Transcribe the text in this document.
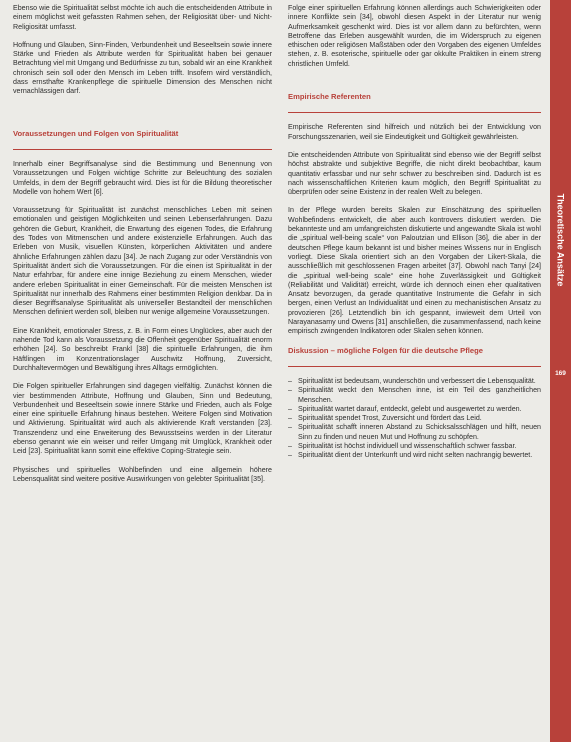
Ebenso wie die Spiritualität selbst möchte ich auch die entscheidenden Attribute in einem möglichst weit gefassten Rahmen sehen, der Religiosität über- und Nicht-Religiosität umfasst.

Hoffnung und Glauben, Sinn-Finden, Verbundenheit und Beseeltsein sowie innere Stärke und Frieden als Attribute werden für Spiritualität haben bei genauer Betrachtung viel mit Umgang und Bedürfnisse zu tun, sobald wir an eine Krankheit chronisch sein soll oder den Mensch im Leben trifft. Insofern wird verständlich, dass ernsthafte Krankenpflege die spirituelle Dimension des Menschen nicht vernachlässigen darf.

Voraussetzungen und Folgen von Spiritualität

Innerhalb einer Begriffsanalyse sind die Bestimmung und Benennung von Voraussetzungen und Folgen wichtige Schritte zur Beleuchtung des sozialen Umfelds, in dem der Begriff gebraucht wird. Dies ist für die Bildung theoretischer Modelle von hohem Wert [6].

Voraussetzung für Spiritualität ist zunächst menschliches Leben mit seinen emotionalen und geistigen Möglichkeiten und seinen Lebenserfahrungen. Dazu gehören die Geburt, Krankheit, die Erwartung des eigenen Todes, die Erfahrung des Todes von Mitmenschen und andere existenzielle Erfahrungen. Auch das Erleben von Musik, visuellen Künsten, körperlichen Aktivitäten und andere ähnliche Erfahrungen zählen dazu [34]. Je nach Zugang zur oder Verständnis von Spiritualität ändert sich die Voraussetzungen. Für die einen ist Spiritualität in der Natur erfahrbar, für andere eine innige Beziehung zu einem Menschen, wieder andere erleben Spiritualität in einer Gemeinschaft. Für die meisten Menschen ist Spiritualität nur innerhalb des Rahmens einer bestimmten Religion denkbar. Da in dieser Begriffsanalyse Spiritualität als universeller Bestandteil der menschlichen Menschen definiert werden soll, bleiben nur wenige allgemeine Voraussetzungen.

Eine Krankheit, emotionaler Stress, z. B. in Form eines Unglückes, aber auch der nahende Tod kann als Voraussetzung die Offenheit gegenüber Spiritualität enorm erhöhen [24]. So beschreibt Frankl [38] die spirituelle Erfahrungen, die ihm Häftlingen im Konzentrationslager Auschwitz Hoffnung, Zuversicht, Durchhaltevermögen und Bewältigung ihres Alltags ermöglichten.

Die Folgen spiritueller Erfahrungen sind dagegen vielfältig. Zunächst können die vier bestimmenden Attribute, Hoffnung und Glauben, Sinn und Bedeutung, Verbundenheit und Beseeltsein sowie innere Stärke und Frieden, auch als Folge einer eine spirituelle Erfahrung hinaus bestehen. Weitere Folgen sind Motivation und Aktivierung. Spiritualität wird auch als aktivierende Kraft verstanden [23]. Transzendenz und eine Erweiterung des Bewusstseins werden in der Literatur ebenso genannt wie ein weiser und reifer Umgang mit Umglück, Krankheit oder Leid [23]. Spiritualität kann somit eine effektive Coping-Strategie sein.

Physisches und spirituelles Wohlbefinden und eine allgemein höhere Lebensqualität sind weitere positive Auswirkungen von gelebter Spiritualität [35].

Folge einer spirituellen Erfahrung können allerdings auch Schwierigkeiten oder innere Konflikte sein [34], obwohl diesen Aspekt in der Literatur nur wenig Aufmerksamkeit geschenkt wird. Dies ist vor allem dann zu befürchten, wenn Betroffene das Erleben ausgewählt wurden, die im Widerspruch zu eigenen ethischen oder religiösen Maßstäben oder den Vorgaben des eigenen Umfeldes stehen, z. B. esoterische, spirituelle oder gar okkulte Praktiken in einem streng christlichen Umfeld.

Empirische Referenten

Empirische Referenten sind hilfreich und nützlich bei der Entwicklung von Forschungsszenarien, weil sie Eindeutigkeit und Gültigkeit gewährleisten.

Die entscheidenden Attribute von Spiritualität sind ebenso wie der Begriff selbst höchst abstrakte und subjektive Begriffe, die nicht direkt beobachtbar, kaum quantitativ erfassbar und nur sehr schwer zu beschreiben sind. Dadurch ist es nach wissenschaftlichen Kriterien kaum möglich, den Begriff Spiritualität zu überprüfen oder seine Existenz in der realen Welt zu belegen.

In der Pflege wurden bereits Skalen zur Einschätzung des spirituellen Wohlbefindens entwickelt, die aber auch kontrovers diskutiert werden. Die bekannteste und am umfangreichsten diskutierte und angewandte Skala ist wohl die „spiritual well-being scale“ von Paloutzian und Ellison [36], die aber in der deutschen Pflege kaum bekannt ist und bisher meines Wissens nur in Englisch vorliegt. Diese Skala orientiert sich an den Vorgaben der Likert-Skala, die ausschließlich mit geschlossenen Fragen arbeitet [37]. Obwohl nach Tanyi [24] die „spiritual well-being scale“ eine hohe Zuverlässigkeit und Gültigkeit (Reliabilität und Validität) erreicht, würde ich dennoch einen eher qualitativen Ansatz bevorzugen, da gerade quantitative Instrumente die Gefahr in sich bergen, einen Verlust an Individualität und einen zu mechanistischen Ansatz zu provozieren [26]. Letztendlich bin ich gespannt, inwieweit dem Urteil von Narayanasamy und Owens [31] anschließen, die zusammenfassend, nach keine empirisch zwingenden Indikatoren oder Skalen sehen können.

Diskussion – mögliche Folgen für die deutsche Pflege
– Spiritualität ist bedeutsam, wunderschön und verbessert die Lebensqualität.
– Spiritualität weckt den Menschen inne, ist ein Teil des ganzheitlichen Menschen.
– Spiritualität wartet darauf, entdeckt, gelebt und ausgewertet zu werden.
– Spiritualität spendet Trost, Zuversicht und fördert das Leid.
– Spiritualität schafft inneren Abstand zu Schicksalsschlägen und hilft, neuen Sinn zu finden und neuen Mut und Hoffnung zu schöpfen.
– Spiritualität ist höchst individuell und wissenschaftlich schwer fassbar.
– Spiritualität dient der Unterkunft und wird nicht selten nachrangig bewertet.
Theoretische Ansätze
169
